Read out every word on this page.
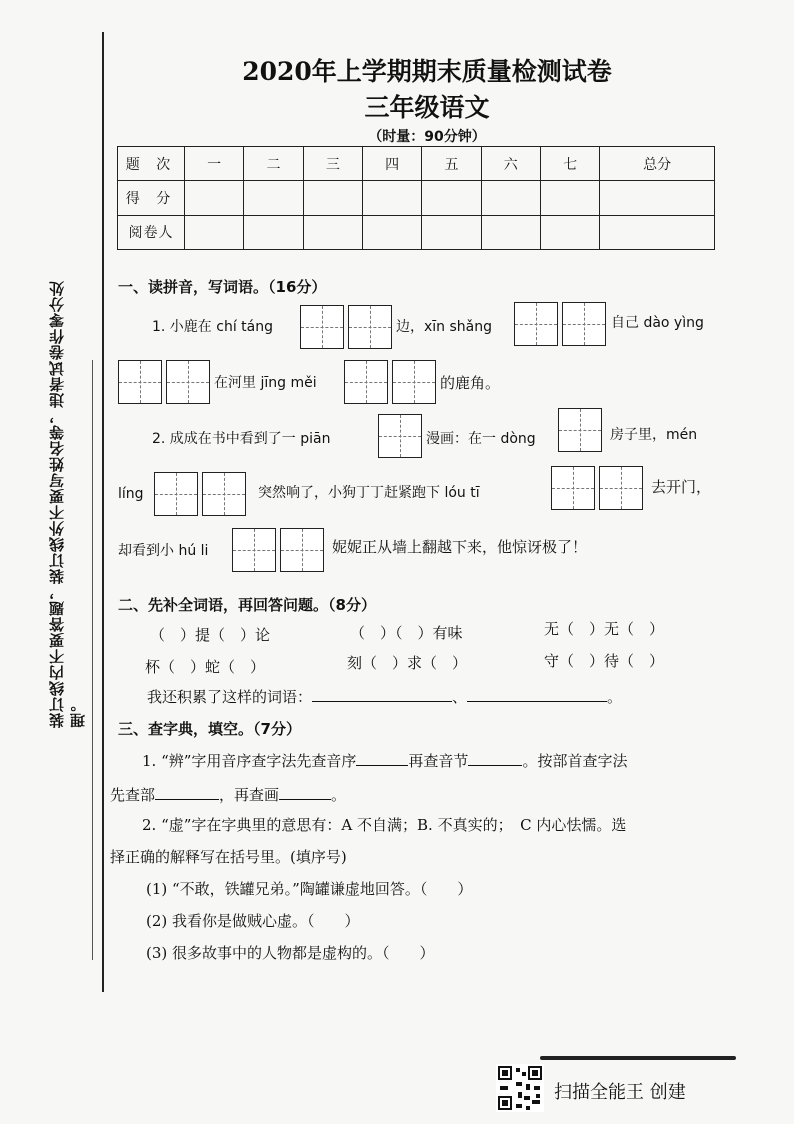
装订线内不要答题，装订线外不要写姓名等，违者试卷作零分处理。
2020年上学期期末质量检测试卷
三年级语文
（时量：90分钟）
题 次	一	二	三	四	五	六	七	总分
得 分								
阅卷人								
一、读拼音，写词语。（16分）
1. 小鹿在 chí táng	边，xīn shǎng	自己 dào yìng
在河里 jīng měi	的鹿角。
2. 成成在书中看到了一 piān	漫画：在一 dòng	房子里，mén
líng	突然响了，小狗丁丁赶紧跑下 lóu tī	去开门，
却看到小 hú li	妮妮正从墙上翻越下来，他惊讶极了！
二、先补全词语，再回答问题。（8分）
（　）提（　）论	（　）（　）有味	无（　）无（　）
杯（　）蛇（　）	刻（　）求（　）	守（　）待（　）
我还积累了这样的词语：	、	。
三、查字典，填空。（7分）
1. “辨”字用音序查字法先查音序	再查音节	。按部首查字法
先查部	，再查画	。
2. “虚”字在字典里的意思有：A 不自满；B. 不真实的；　C 内心怯懦。选
择正确的解释写在括号里。(填序号)
(1) “不敢，铁罐兄弟。”陶罐谦虚地回答。（　　）
(2) 我看你是做贼心虚。（　　）
(3) 很多故事中的人物都是虚构的。（　　）
扫描全能王 创建
